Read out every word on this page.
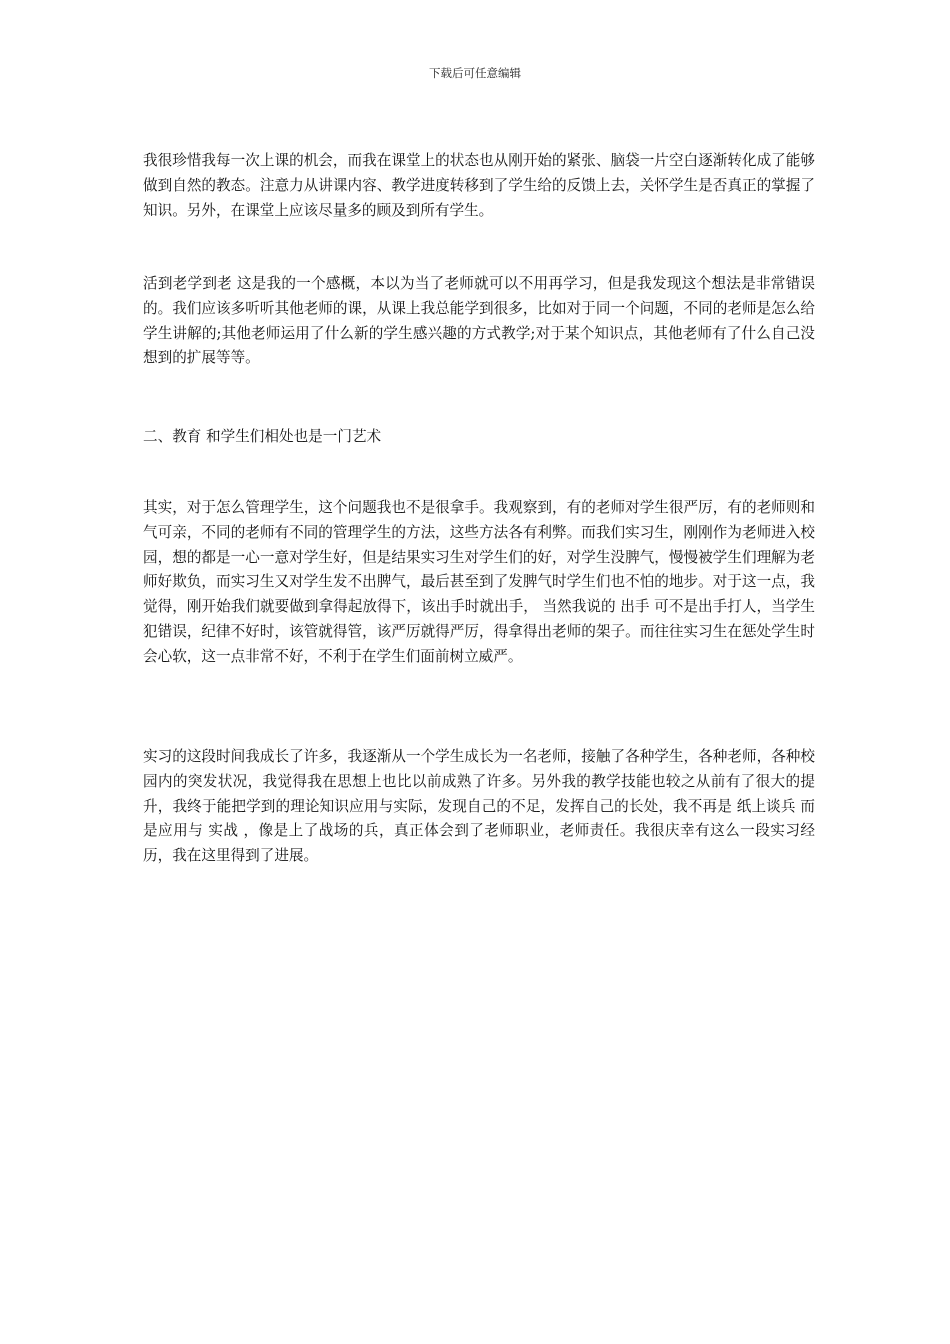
下载后可任意编辑

我很珍惜我每一次上课的机会，而我在课堂上的状态也从刚开始的紧张、脑袋一片空白逐渐转化成了能够做到自然的教态。注意力从讲课内容、教学进度转移到了学生给的反馈上去，关怀学生是否真正的掌握了知识。另外，在课堂上应该尽量多的顾及到所有学生。

活到老学到老 这是我的一个感概，本以为当了老师就可以不用再学习，但是我发现这个想法是非常错误的。我们应该多听听其他老师的课，从课上我总能学到很多，比如对于同一个问题，不同的老师是怎么给学生讲解的;其他老师运用了什么新的学生感兴趣的方式教学;对于某个知识点，其他老师有了什么自己没想到的扩展等等。

二、教育 和学生们相处也是一门艺术

其实，对于怎么管理学生，这个问题我也不是很拿手。我观察到，有的老师对学生很严厉，有的老师则和气可亲，不同的老师有不同的管理学生的方法，这些方法各有利弊。而我们实习生，刚刚作为老师进入校园，想的都是一心一意对学生好，但是结果实习生对学生们的好，对学生没脾气，慢慢被学生们理解为老师好欺负，而实习生又对学生发不出脾气，最后甚至到了发脾气时学生们也不怕的地步。对于这一点，我觉得，刚开始我们就要做到拿得起放得下，该出手时就出手， 当然我说的 出手 可不是出手打人，当学生犯错误，纪律不好时，该管就得管，该严厉就得严厉，得拿得出老师的架子。而往往实习生在惩处学生时会心软，这一点非常不好，不利于在学生们面前树立威严。

实习的这段时间我成长了许多，我逐渐从一个学生成长为一名老师，接触了各种学生，各种老师，各种校园内的突发状况，我觉得我在思想上也比以前成熟了许多。另外我的教学技能也较之从前有了很大的提升，我终于能把学到的理论知识应用与实际，发现自己的不足，发挥自己的长处，我不再是 纸上谈兵 而是应用与 实战 ，像是上了战场的兵，真正体会到了老师职业，老师责任。我很庆幸有这么一段实习经历，我在这里得到了进展。
